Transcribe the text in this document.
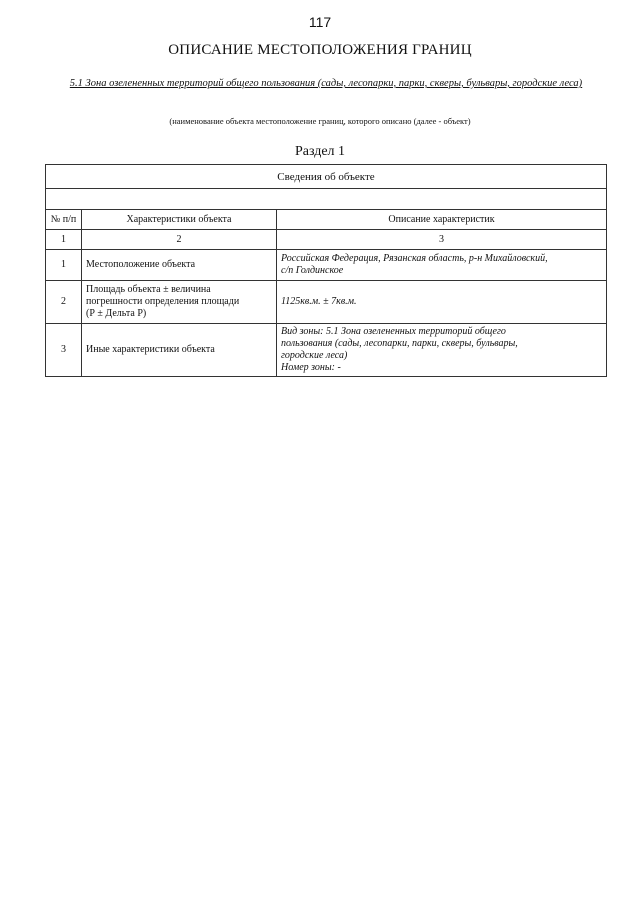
117
ОПИСАНИЕ МЕСТОПОЛОЖЕНИЯ ГРАНИЦ
5.1 Зона озелененных территорий общего пользования (сады, лесопарки, парки, скверы, бульвары, городские леса)
(наименование объекта местоположение границ, которого описано (далее - объект)
Раздел 1
Сведения об объекте		

№ п/п	Характеристики объекта	Описание характеристик
1	2	3
1	Местоположение объекта	Российская Федерация, Рязанская область, р-н Михайловский,
с/п Голдинское

2	Площадь объекта ± величина
погрешности определения площади
(Р ± Дельта Р)	1125кв.м. ± 7кв.м.

3	Иные характеристики объекта	Вид зоны: 5.1 Зона озелененных территорий общего
пользования (сады, лесопарки, парки, скверы, бульвары,
городские леса)
Номер зоны: -
